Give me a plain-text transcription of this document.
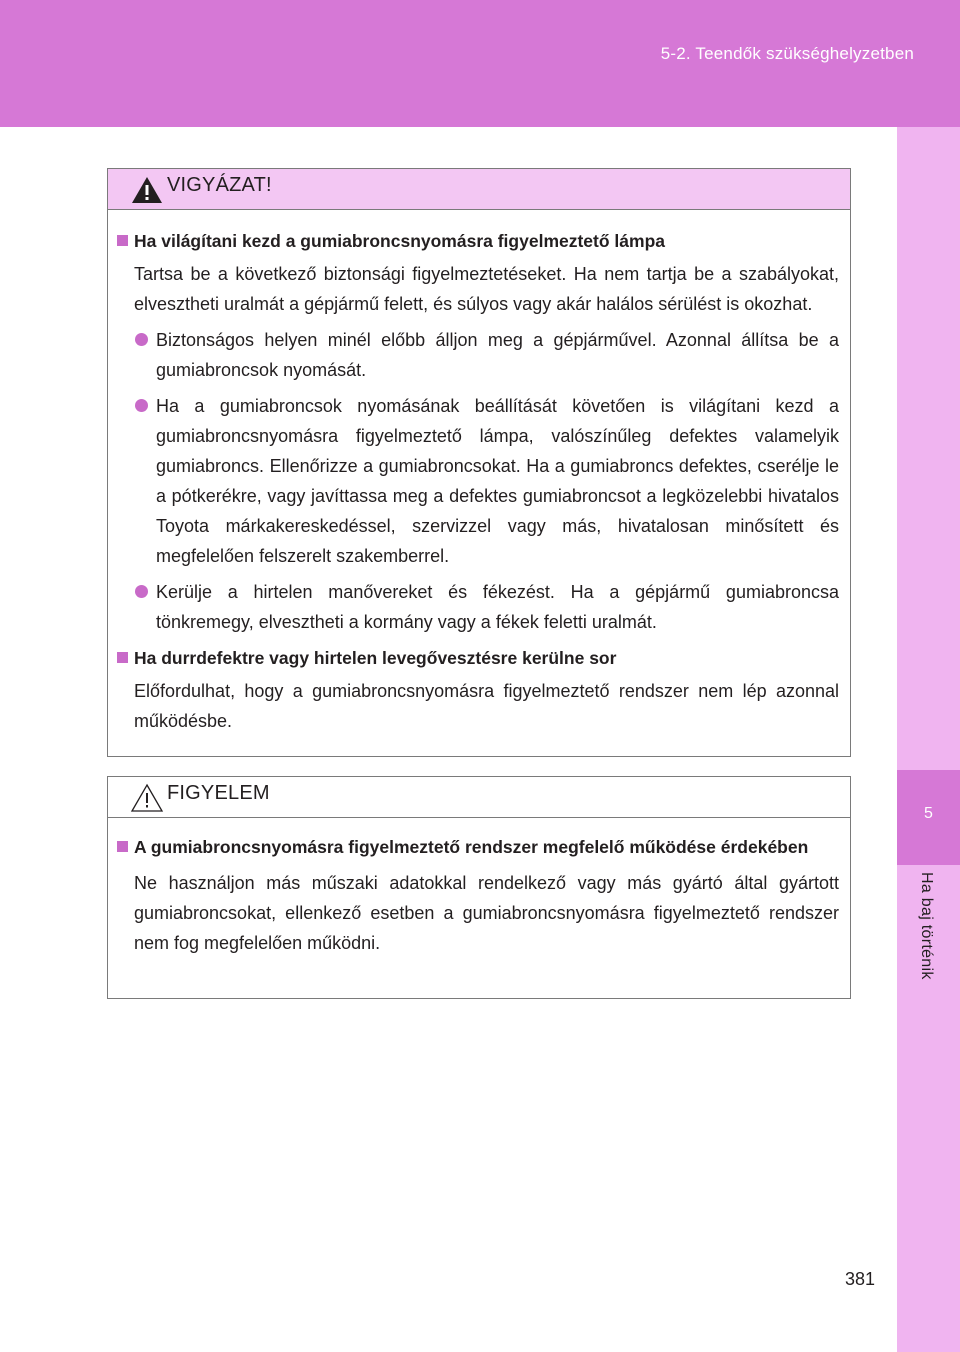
5-2. Teendők szükséghelyzetben
5
Ha baj történik
VIGYÁZAT!
Ha világítani kezd a gumiabroncsnyomásra figyelmeztető lámpa
Tartsa be a következő biztonsági figyelmeztetéseket. Ha nem tartja be a szabályokat, elvesztheti uralmát a gépjármű felett, és súlyos vagy akár halálos sérülést is okozhat.
Biztonságos helyen minél előbb álljon meg a gépjárművel. Azonnal állítsa be a gumiabroncsok nyomását.
Ha a gumiabroncsok nyomásának beállítását követően is világítani kezd a gumiabroncsnyomásra figyelmeztető lámpa, valószínűleg defektes valamelyik gumiabroncs. Ellenőrizze a gumiabroncsokat. Ha a gumiabroncs defektes, cserélje le a pótkerékre, vagy javíttassa meg a defektes gumiabroncsot a legközelebbi hivatalos Toyota márkakereskedéssel, szervizzel vagy más, hivatalosan minősített és megfelelően felszerelt szakemberrel.
Kerülje a hirtelen manővereket és fékezést. Ha a gépjármű gumiabroncsa tönkremegy, elvesztheti a kormány vagy a fékek feletti uralmát.
Ha durrdefektre vagy hirtelen levegővesztésre kerülne sor
Előfordulhat, hogy a gumiabroncsnyomásra figyelmeztető rendszer nem lép azonnal működésbe.
FIGYELEM
A gumiabroncsnyomásra figyelmeztető rendszer megfelelő működése érdekében
Ne használjon más műszaki adatokkal rendelkező vagy más gyártó által gyártott gumiabroncsokat, ellenkező esetben a gumiabroncsnyomásra figyelmeztető rendszer nem fog megfelelően működni.
381
